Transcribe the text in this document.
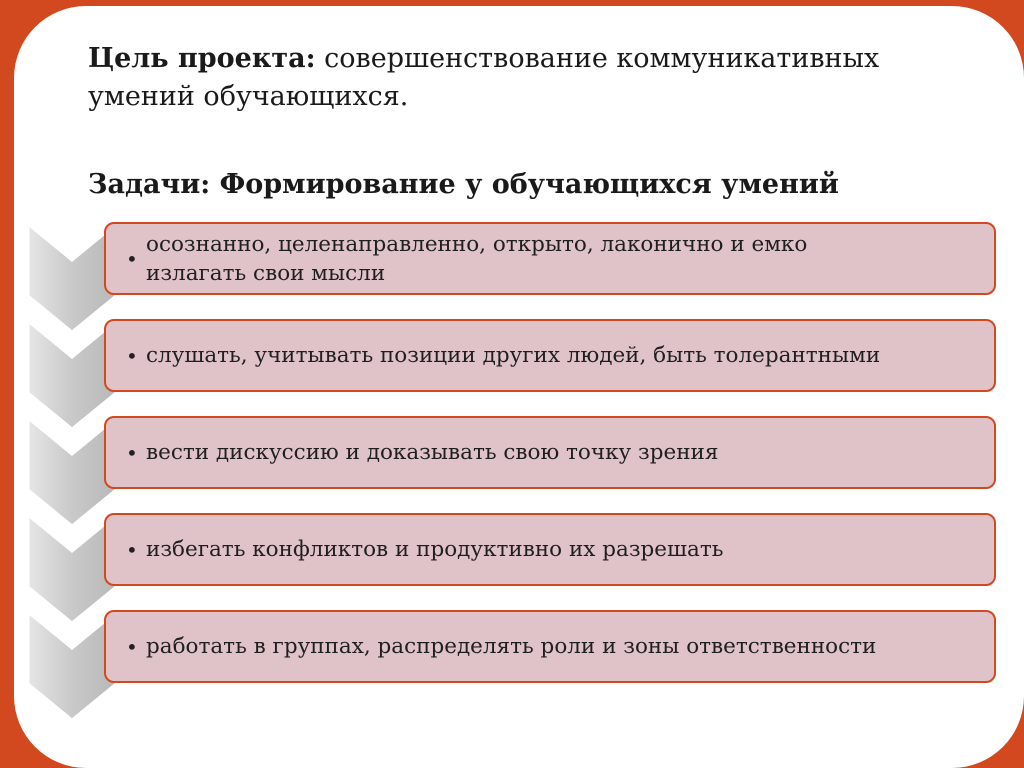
Цель проекта: совершенствование коммуникативных умений обучающихся.
Задачи: Формирование у обучающихся умений
•
осознанно, целенаправленно, открыто, лаконично и емко
излагать свои мысли
• слушать, учитывать позиции других людей, быть толерантными
• вести дискуссию и доказывать свою точку зрения
• избегать конфликтов и продуктивно их разрешать
• работать в группах, распределять роли и зоны ответственности
